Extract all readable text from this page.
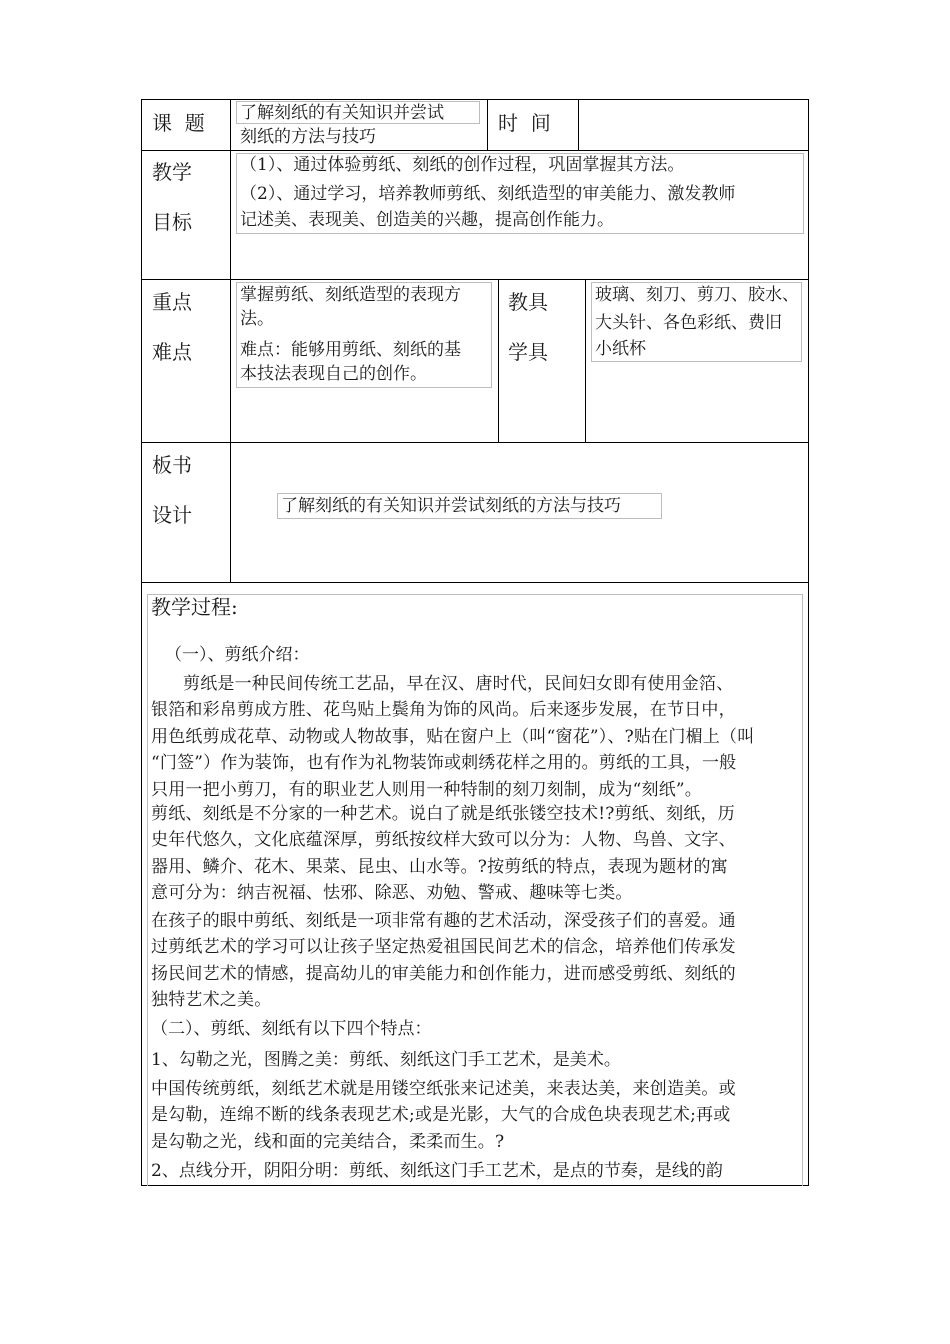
课  题 了解刻纸的有关知识并尝试
刻纸的方法与技巧
时  间
教学
目标
（1）、通过体验剪纸、刻纸的创作过程，巩固掌握其方法。
（2）、通过学习，培养教师剪纸、刻纸造型的审美能力、激发教师
记述美、表现美、创造美的兴趣，提高创作能力。
重点
难点
掌握剪纸、刻纸造型的表现方
法。
难点：能够用剪纸、刻纸的基
本技法表现自己的创作。
教具
学具
玻璃、刻刀、剪刀、胶水、
大头针、各色彩纸、费旧
小纸杯
板书
设计	了解刻纸的有关知识并尝试刻纸的方法与技巧
教学过程:
（一）、剪纸介绍：
剪纸是一种民间传统工艺品，早在汉、唐时代，民间妇女即有使用金箔、
银箔和彩帛剪成方胜、花鸟贴上鬓角为饰的风尚。后来逐步发展，在节日中，
用色纸剪成花草、动物或人物故事，贴在窗户上（叫“窗花”）、?贴在门楣上（叫
“门签”）作为装饰，也有作为礼物装饰或刺绣花样之用的。剪纸的工具，一般
只用一把小剪刀，有的职业艺人则用一种特制的刻刀刻制，成为“刻纸”。
剪纸、刻纸是不分家的一种艺术。说白了就是纸张镂空技术!?剪纸、刻纸，历
史年代悠久，文化底蕴深厚，剪纸按纹样大致可以分为：人物、鸟兽、文字、
器用、鳞介、花木、果菜、昆虫、山水等。?按剪纸的特点，表现为题材的寓
意可分为：纳吉祝福、怯邪、除恶、劝勉、警戒、趣味等七类。
在孩子的眼中剪纸、刻纸是一项非常有趣的艺术活动，深受孩子们的喜爱。通
过剪纸艺术的学习可以让孩子坚定热爱祖国民间艺术的信念，培养他们传承发
扬民间艺术的情感，提高幼儿的审美能力和创作能力，进而感受剪纸、刻纸的
独特艺术之美。
（二）、剪纸、刻纸有以下四个特点：
1、勾勒之光，图腾之美：剪纸、刻纸这门手工艺术，是美术。
中国传统剪纸，刻纸艺术就是用镂空纸张来记述美，来表达美，来创造美。或
是勾勒，连绵不断的线条表现艺术;或是光影，大气的合成色块表现艺术;再或
是勾勒之光，线和面的完美结合，柔柔而生。?
2、点线分开，阴阳分明：剪纸、刻纸这门手工艺术，是点的节奏，是线的韵
